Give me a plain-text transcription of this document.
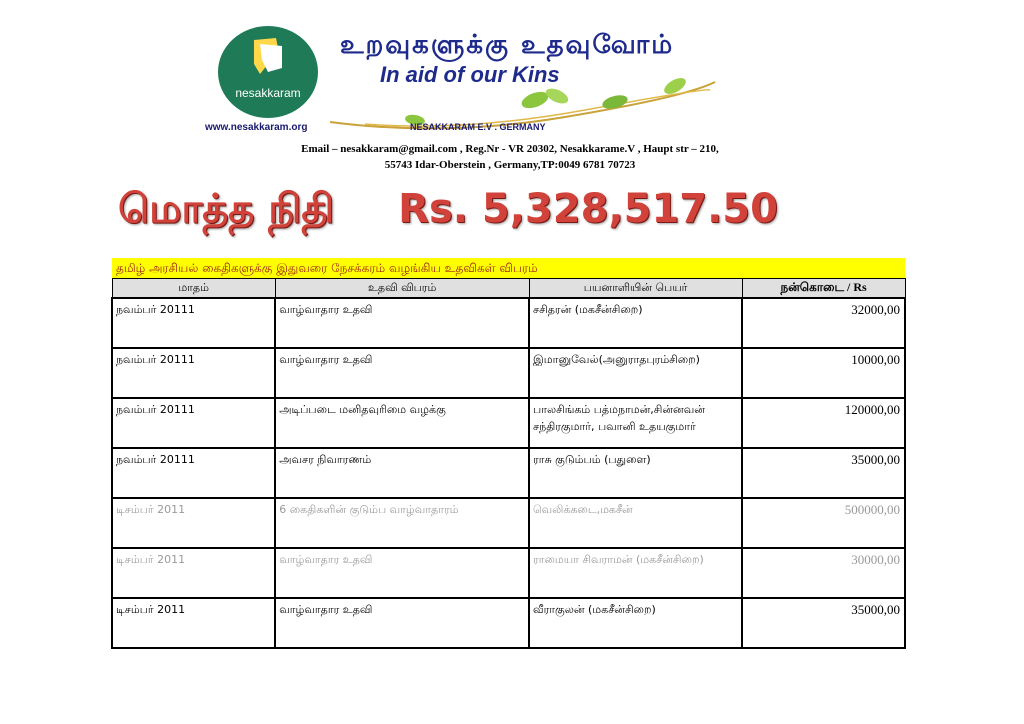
nesakkaram
உறவுகளுக்கு உதவுவோம்
In aid of our Kins
www.nesakkaram.org	NESAKKARAM E.V . GERMANY
Email – nesakkaram@gmail.com , Reg.Nr - VR 20302, Nesakkarame.V , Haupt str – 210,
55743 Idar-Oberstein , Germany,TP:0049 6781 70723
மொத்த நிதி Rs. 5,328,517.50
தமிழ் அரசியல் கைதிகளுக்கு இதுவரை நேசக்கரம் வழங்கிய உதவிகள் விபரம்
மாதம்	உதவி விபரம்	பயனாளியின் பெயர்	நன்கொடை / Rs
நவம்பர் 20111	வாழ்வாதார உதவி	சசிதரன் (மகசீன்சிறை)	32000,00
நவம்பர் 20111	வாழ்வாதார உதவி	இமானுவேல்(அனுராதபுரம்சிறை)	10000,00
நவம்பர் 20111	அடிப்படை மனிதவுரிமை வழக்கு	பாலசிங்கம் பத்மநாமன்,சின்னவன் சந்திரகுமார், பவானி உதயகுமார்	120000,00
நவம்பர் 20111	அவசர நிவாரணம்	ராசு குடும்பம் (பதுளை)	35000,00
டிசம்பர் 2011	6 கைதிகளின் குடும்ப வாழ்வாதாரம்	வெலிக்கடை,மகசீன்	500000,00
டிசம்பர் 2011	வாழ்வாதார உதவி	ராமையா சிவராமன் (மகசீன்சிறை)	30000,00
டிசம்பர் 2011	வாழ்வாதார உதவி	வீராகுலன் (மகசீன்சிறை)	35000,00
